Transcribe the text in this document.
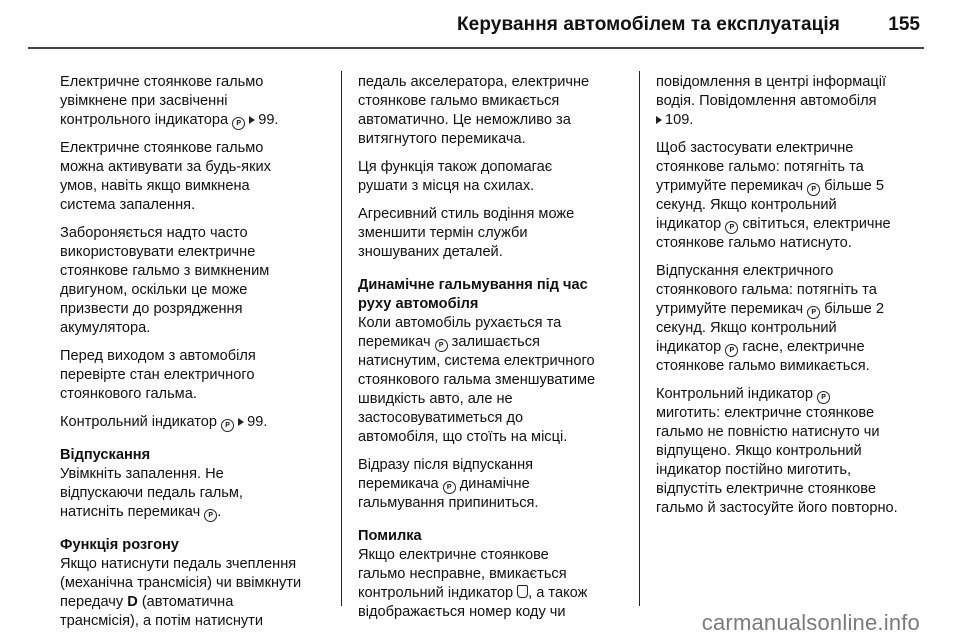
Керування автомобілем та експлуатація	155

Електричне стоянкове гальмо
увімкнене при засвіченні
контрольного індикатора P 99.

Електричне стоянкове гальмо
можна активувати за будь-яких
умов, навіть якщо вимкнена
система запалення.

Забороняється надто часто
використовувати електричне
стоянкове гальмо з вимкненим
двигуном, оскільки це може
призвести до розрядження
акумулятора.

Перед виходом з автомобіля
перевірте стан електричного
стоянкового гальма.

Контрольний індикатор P 99.

Відпускання

Увімкніть запалення. Не
відпускаючи педаль гальм,
натисніть перемикач P .

Функція розгону

Якщо натиснути педаль зчеплення
(механічна трансмісія) чи ввімкнути
передачу D (автоматична
трансмісія), а потім натиснути

педаль акселератора, електричне
стоянкове гальмо вмикається
автоматично. Це неможливо за
витягнутого перемикача.

Ця функція також допомагає
рушати з місця на схилах.

Агресивний стиль водіння може
зменшити термін служби
зношуваних деталей.

Динамічне гальмування під час
руху автомобіля

Коли автомобіль рухається та
перемикач P залишається
натиснутим, система електричного
стоянкового гальма зменшуватиме
швидкість авто, але не
застосовуватиметься до
автомобіля, що стоїть на місці.

Відразу після відпускання
перемикача P динамічне
гальмування припиниться.

Помилка

Якщо електричне стоянкове
гальмо несправне, вмикається
контрольний індикатор , а також
відображається номер коду чи

повідомлення в центрі інформації
водія. Повідомлення автомобіля
109.

Щоб застосувати електричне
стоянкове гальмо: потягніть та
утримуйте перемикач P більше 5
секунд. Якщо контрольний
індикатор P світиться, електричне
стоянкове гальмо натиснуто.

Відпускання електричного
стоянкового гальма: потягніть та
утримуйте перемикач P більше 2
секунд. Якщо контрольний
індикатор P гасне, електричне
стоянкове гальмо вимикається.

Контрольний індикатор P
миготить: електричне стоянкове
гальмо не повністю натиснуто чи
відпущено. Якщо контрольний
індикатор постійно миготить,
відпустіть електричне стоянкове
гальмо й застосуйте його повторно.

carmanualsonline.info
